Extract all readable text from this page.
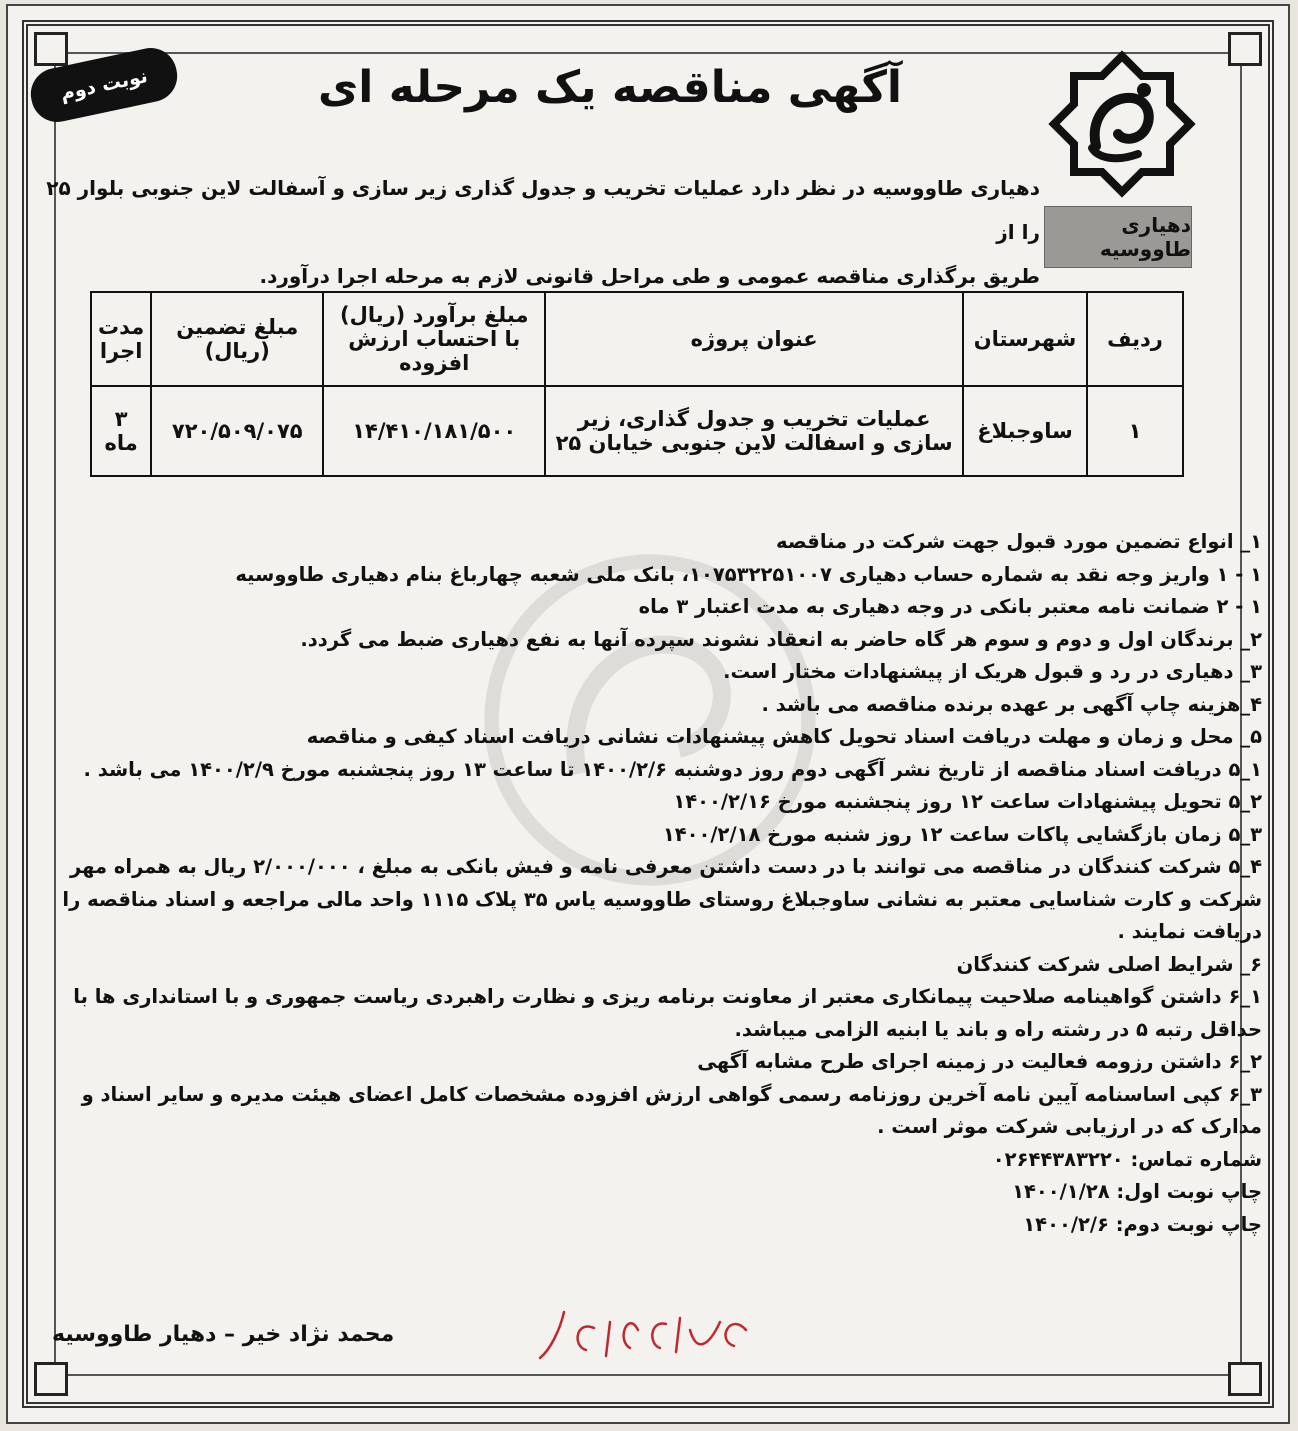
نوبت دوم	آگهی مناقصه یک مرحله ای
دهیاری طاووسیه
دهیاری طاووسیه در نظر دارد عملیات تخریب و جدول گذاری زیر سازی و آسفالت لاین جنوبی بلوار ۲۵ را از
طریق برگذاری مناقصه عمومی و طی مراحل قانونی لازم به مرحله اجرا درآورد.
ردیف	شهرستان	عنوان پروژه	مبلغ برآورد (ریال) با احتساب ارزش افزوده	مبلغ تضمین (ریال)	مدت اجرا
۱	ساوجبلاغ	عملیات تخریب و جدول گذاری، زیر سازی و اسفالت لاین جنوبی خیابان ۲۵	۱۴/۴۱۰/۱۸۱/۵۰۰	۷۲۰/۵۰۹/۰۷۵	۳ ماه
۱_ انواع تضمین مورد قبول جهت شرکت در مناقصه
۱ - ۱ واریز وجه نقد به شماره حساب دهیاری ۱۰۷۵۳۲۲۵۱۰۰۷، بانک ملی شعبه چهارباغ بنام دهیاری طاووسیه
۱ - ۲ ضمانت نامه معتبر بانکی در وجه دهیاری به مدت اعتبار ۳ ماه
۲_ برندگان اول و دوم و سوم هر گاه حاضر به انعقاد نشوند سپرده آنها به نفع دهیاری ضبط می گردد.
۳_ دهیاری در رد و قبول هریک از پیشنهادات مختار است.
۴_هزینه چاپ آگهی بر عهده برنده مناقصه می باشد .
۵_ محل و زمان و مهلت دریافت اسناد تحویل کاهش پیشنهادات نشانی دریافت اسناد کیفی و مناقصه
۱_۵ دریافت اسناد مناقصه از تاریخ نشر آگهی دوم روز دوشنبه ۱۴۰۰/۲/۶ تا ساعت ۱۳ روز پنجشنبه مورخ ۱۴۰۰/۲/۹ می باشد .
۲_۵ تحویل پیشنهادات ساعت ۱۲ روز پنجشنبه مورخ ۱۴۰۰/۲/۱۶
۳_۵ زمان بازگشایی پاکات ساعت ۱۲ روز شنبه مورخ ۱۴۰۰/۲/۱۸
۴_۵ شرکت کنندگان در مناقصه می توانند با در دست داشتن معرفی نامه و فیش بانکی به مبلغ ، ۲/۰۰۰/۰۰۰ ریال به همراه مهر شرکت و کارت شناسایی معتبر به نشانی ساوجبلاغ روستای طاووسیه یاس ۳۵ پلاک ۱۱۱۵ واحد مالی مراجعه و اسناد مناقصه را دریافت نمایند .
۶_ شرایط اصلی شرکت کنندگان
۱_۶ داشتن گواهینامه صلاحیت پیمانکاری معتبر از معاونت برنامه ریزی و نظارت راهبردی ریاست جمهوری و با استانداری ها با حداقل رتبه ۵ در رشته راه و باند یا ابنیه الزامی میباشد.
۲_۶ داشتن رزومه فعالیت در زمینه اجرای طرح مشابه آگهی
۳_۶ کپی اساسنامه آیین نامه آخرین روزنامه رسمی گواهی ارزش افزوده مشخصات کامل اعضای هیئت مدیره و سایر اسناد و مدارک که در ارزیابی شرکت موثر است .
شماره تماس: ۰۲۶۴۴۳۸۳۲۲۰
چاپ نوبت اول: ۱۴۰۰/۱/۲۸
چاپ نوبت دوم: ۱۴۰۰/۲/۶
محمد نژاد خیر – دهیار طاووسیه
